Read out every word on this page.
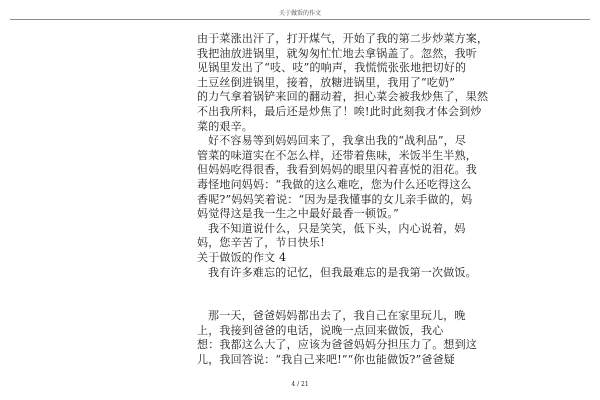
关于做饭的作文
由于菜涨出汗了，打开煤气，开始了我的第二步炒菜方案，
我把油放进锅里，就匆匆忙忙地去拿锅盖了。忽然，我听
见锅里发出了“吱、吱”的响声，我慌慌张张地把切好的
土豆丝倒进锅里，接着，放糖进锅里，我用了“吃奶”
的力气拿着锅铲来回的翻动着，担心菜会被我炒焦了，果然
不出我所料，最后还是炒焦了！唉!此时此刻我才体会到炒
菜的艰辛。
好不容易等到妈妈回来了，我拿出我的“战利品”，尽
管菜的味道实在不怎么样，还带着焦味，米饭半生半熟，
但妈妈吃得很香，我看到妈妈的眼里闪着喜悦的泪花。我
毒怪地问妈妈：“我做的这么难吃，您为什么还吃得这么
香呢?”妈妈笑着说：“因为是我懂事的女儿亲手做的，妈
妈觉得这是我一生之中最好最香一顿饭。”
我不知道说什么，只是笑笑，低下头，内心说着，妈
妈，您辛苦了，节日快乐!
关于做饭的作文 4
我有许多难忘的记忆，但我最难忘的是我第一次做饭。
那一天，爸爸妈妈都出去了，我自己在家里玩儿，晚
上，我接到爸爸的电话，说晚一点回来做饭，我心
想：我都这么大了，应该为爸爸妈妈分担压力了。想到这
儿，我回答说：“我自己来吧!”“你也能做饭?”爸爸疑
4 / 21
